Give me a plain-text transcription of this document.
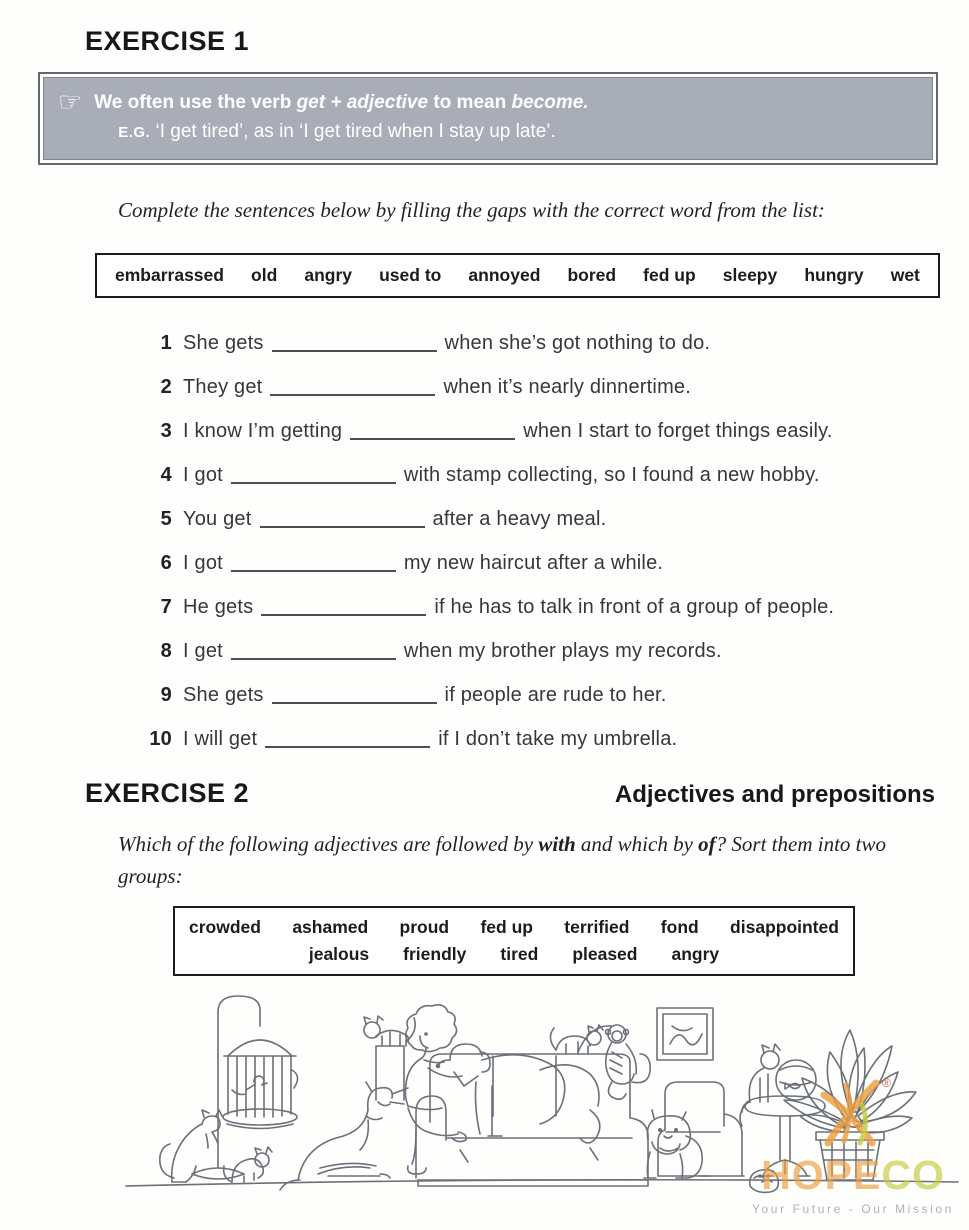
EXERCISE 1
☞ We often use the verb get + adjective to mean become.
E.G. ‘I get tired’, as in ‘I get tired when I stay up late’.
Complete the sentences below by filling the gaps with the correct word from the list:
embarrassed old angry used to annoyed bored fed up sleepy hungry wet
1 She gets	when she’s got nothing to do.
2 They get	when it’s nearly dinnertime.
3 I know I’m getting	when I start to forget things easily.
4 I got	with stamp collecting, so I found a new hobby.
5 You get	after a heavy meal.
6 I got	my new haircut after a while.
7 He gets	if he has to talk in front of a group of people.
8 I get	when my brother plays my records.
9 She gets	if people are rude to her.
10 I will get	if I don’t take my umbrella.
EXERCISE 2	Adjectives and prepositions
Which of the following adjectives are followed by with and which by of? Sort them into two groups:
crowded ashamed proud fed up terrified fond disappointed
jealous friendly tired pleased angry
®
HOPECO
Your Future - Our Mission
